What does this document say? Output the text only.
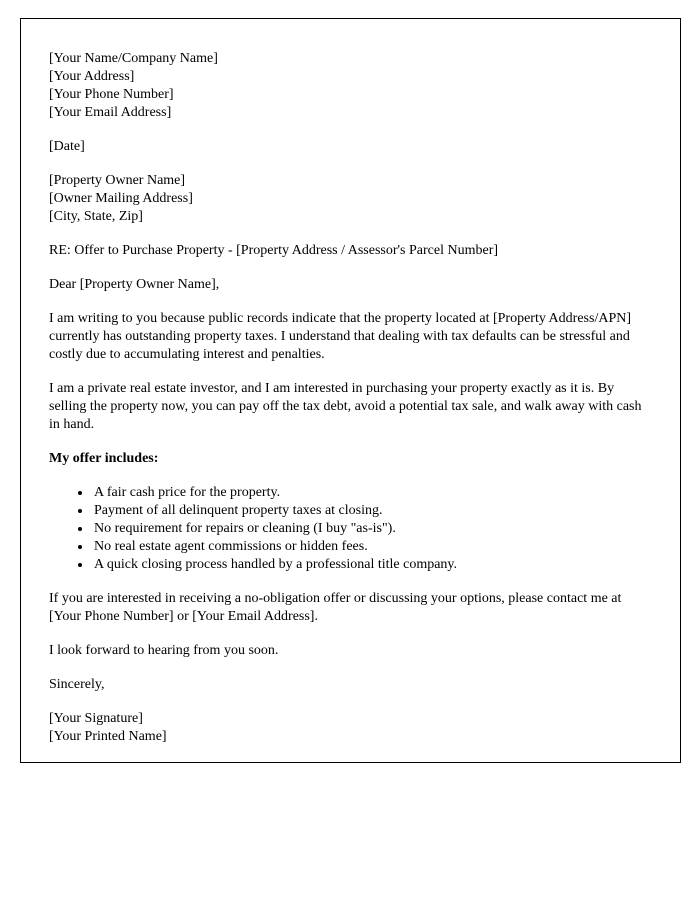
[Your Name/Company Name]
[Your Address]
[Your Phone Number]
[Your Email Address]
[Date]
[Property Owner Name]
[Owner Mailing Address]
[City, State, Zip]

RE: Offer to Purchase Property - [Property Address / Assessor's Parcel Number]

Dear [Property Owner Name],

I am writing to you because public records indicate that the property located at [Property Address/APN] currently has outstanding property taxes. I understand that dealing with tax defaults can be stressful and costly due to accumulating interest and penalties.

I am a private real estate investor, and I am interested in purchasing your property exactly as it is. By selling the property now, you can pay off the tax debt, avoid a potential tax sale, and walk away with cash in hand.

My offer includes:

• A fair cash price for the property.
• Payment of all delinquent property taxes at closing.
• No requirement for repairs or cleaning (I buy "as-is").
• No real estate agent commissions or hidden fees.
• A quick closing process handled by a professional title company.

If you are interested in receiving a no-obligation offer or discussing your options, please contact me at [Your Phone Number] or [Your Email Address].

I look forward to hearing from you soon.

Sincerely,

[Your Signature]
[Your Printed Name]
